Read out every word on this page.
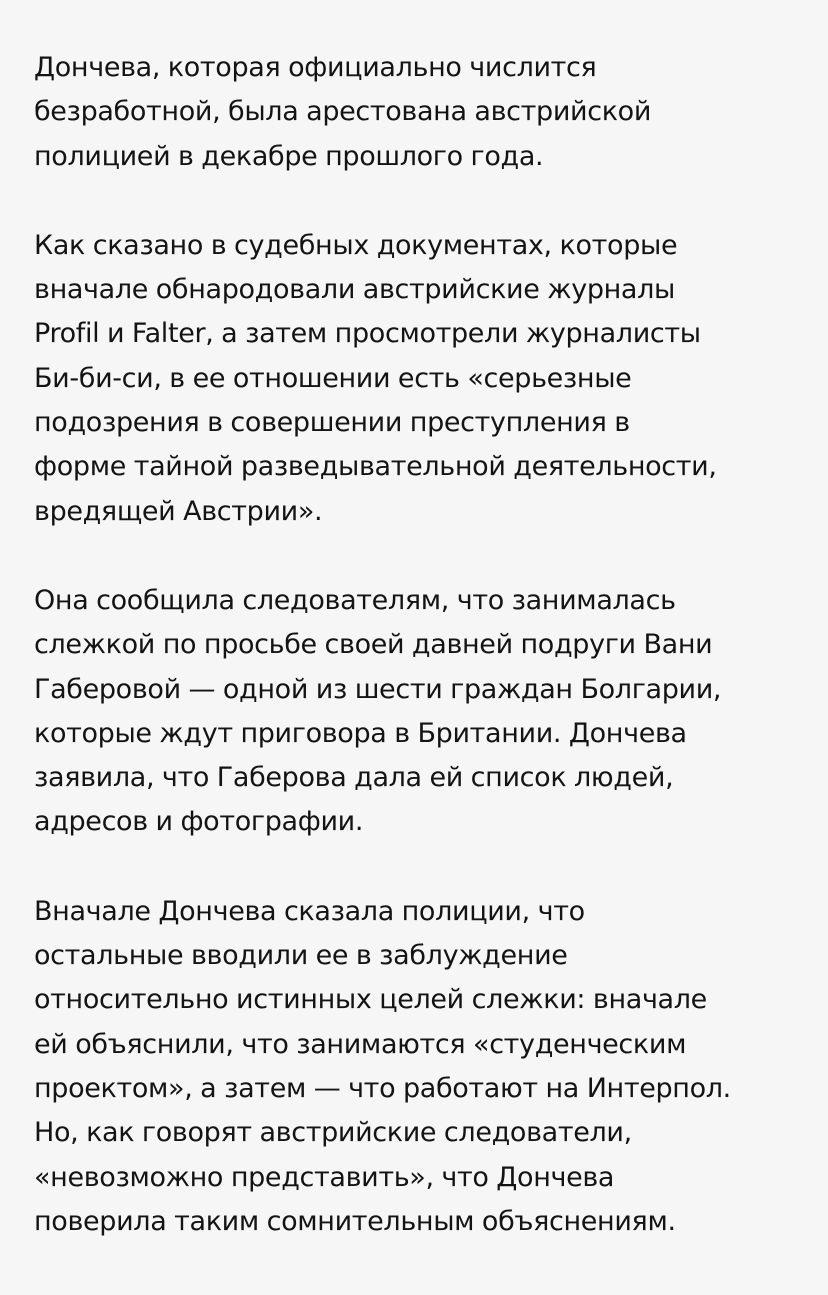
Дончева, которая официально числится
безработной, была арестована австрийской
полицией в декабре прошлого года.

Как сказано в судебных документах, которые
вначале обнародовали австрийские журналы
Profil и Falter, а затем просмотрели журналисты
Би-би-си, в ее отношении есть «серьезные
подозрения в совершении преступления в
форме тайной разведывательной деятельности,
вредящей Австрии».

Она сообщила следователям, что занималась
слежкой по просьбе своей давней подруги Вани
Габеровой — одной из шести граждан Болгарии,
которые ждут приговора в Британии. Дончева
заявила, что Габерова дала ей список людей,
адресов и фотографии.

Вначале Дончева сказала полиции, что
остальные вводили ее в заблуждение
относительно истинных целей слежки: вначале
ей объяснили, что занимаются «студенческим
проектом», а затем — что работают на Интерпол.
Но, как говорят австрийские следователи,
«невозможно представить», что Дончева
поверила таким сомнительным объяснениям.
